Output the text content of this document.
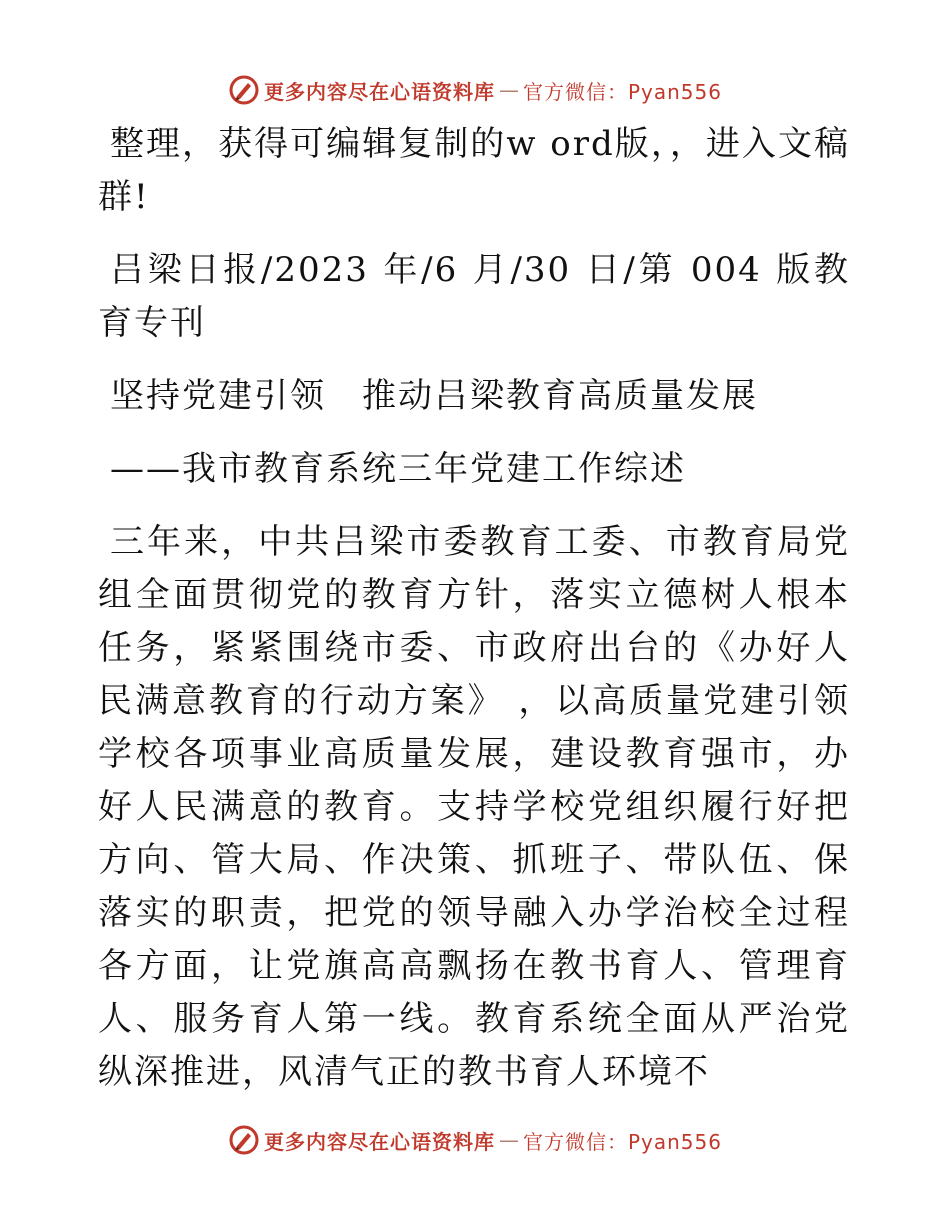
更多内容尽在心语资料库 — 官方微信：Pyan556

整理，获得可编辑复制的w ord版，，进入文稿群!

吕梁日报/2023 年/6 月/30 日/第 004 版教育专刊

坚持党建引领　推动吕梁教育高质量发展

——我市教育系统三年党建工作综述

三年来，中共吕梁市委教育工委、市教育局党组全面贯彻党的教育方针，落实立德树人根本任务，紧紧围绕市委、市政府出台的《办好人民满意教育的行动方案》 ，以高质量党建引领学校各项事业高质量发展，建设教育强市，办好人民满意的教育。支持学校党组织履行好把方向、管大局、作决策、抓班子、带队伍、保落实的职责，把党的领导融入办学治校全过程各方面，让党旗高高飘扬在教书育人、管理育人、服务育人第一线。教育系统全面从严治党纵深推进，风清气正的教书育人环境不

更多内容尽在心语资料库 — 官方微信：Pyan556
